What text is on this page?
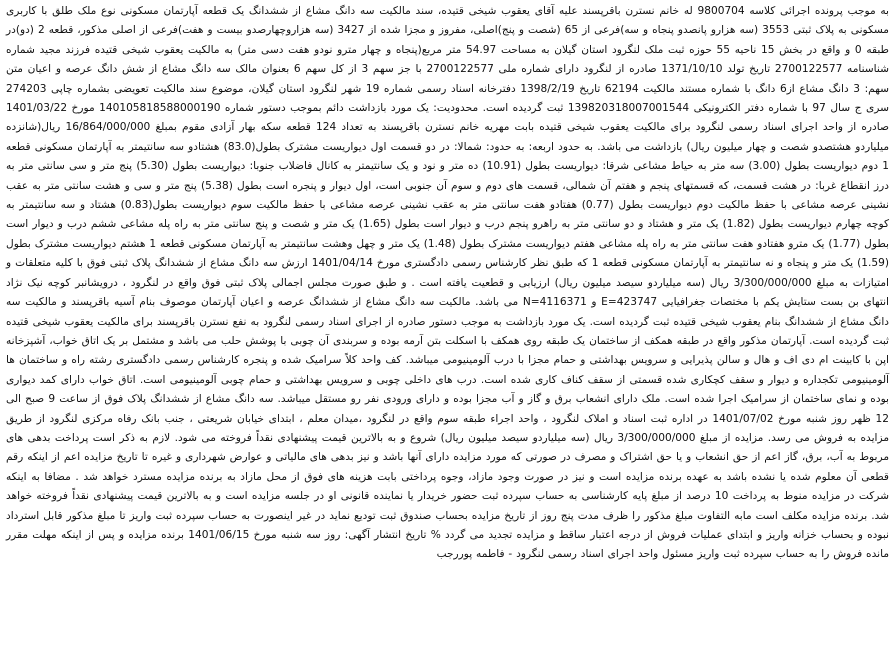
به موجب پرونده اجرائی کلاسه 9800704 له خانم نسترن باقرپسند علیه آقای یعقوب شیخی قتیده، سند مالکیت سه دانگ مشاع از ششدانگ یک قطعه آپارتمان مسکونی نوع ملک طلق با کاربری مسکونی به پلاک ثبتی 3553 (سه هزارو پانصدو پنجاه و سه)فرعی از 65 (شصت و پنج)اصلی، مفروز و مجزا شده از 3427 (سه هزاروچهارصدو بیست و هفت)فرعی از اصلی مذکور، قطعه 2 (دو)در طبقه 0 و واقع در بخش 15 ناحیه 55 حوزه ثبت ملک لنگرود استان گیلان به مساحت 54.97 متر مربع(پنجاه و چهار مترو نودو هفت دسی متر) به مالکیت یعقوب شیخی قتیده فرزند مجید شماره شناسنامه 2700122577 تاریخ تولد 1371/10/10 صادره از لنگرود دارای شماره ملی 2700122577 با جز سهم 3 از کل سهم 6 بعنوان مالک سه دانگ مشاع از شش دانگ عرصه و اعیان متن سهم: 3 دانگ مشاع از6 دانگ با شماره مستند مالکیت 62194 تاریخ 1398/2/19 دفترخانه اسناد رسمی شماره 19 شهر لنگرود استان گیلان، موضوع سند مالکیت تعویضی بشماره چاپی 274203 سری ج سال 97 با شماره دفتر الکترونیکی 139820318007001544 ثبت گردیده است. محدودیت: یک مورد بازداشت دائم بموجب دستور شماره 140105818588000190 مورخ 1401/03/22 صادره از واحد اجرای اسناد رسمی لنگرود برای مالکیت یعقوب شیخی قتیده بابت مهریه خانم نسترن باقرپسند به تعداد 124 قطعه سکه بهار آزادی مقوم بمبلغ 16/864/000/000 ریال(شانزده میلیاردو هشتصدو شصت و چهار میلیون ریال) بازداشت می باشد. به حدود اربعه: به حدود: شمالا: در دو قسمت اول دیواریست مشترک بطول(83.0) هشتادو سه سانتیمتر به آپارتمان مسکونی قطعه 1 دوم دیواریست بطول (3.00) سه متر به حیاط مشاعی شرقا: دیواریست بطول (10.91) ده متر و نود و یک سانتیمتر به کانال فاضلاب جنوبا: دیواریست بطول (5.30) پنج متر و سی سانتی متر به درز انقطاع غربا: در هشت قسمت، که قسمتهای پنجم و هفتم آن شمالی، قسمت های دوم و سوم آن جنوبی است، اول دیوار و پنجره است بطول (5.38) پنج متر و سی و هشت سانتی متر به عقب نشینی عرصه مشاعی با حفظ مالکیت دوم دیواریست بطول (0.77) هفتادو هفت سانتی متر به عقب نشینی عرصه مشاعی با حفظ مالکیت سوم دیواریست بطول(0.83) هشتاد و سه سانتیمتر به کوچه چهارم دیواریست بطول (1.82) یک متر و هشتاد و دو سانتی متر به راهرو پنجم درب و دیوار است بطول (1.65) یک متر و شصت و پنج سانتی متر به راه پله مشاعی ششم درب و دیوار است بطول (1.77) یک مترو هفتادو هفت سانتی متر به راه پله مشاعی هفتم دیواریست مشترک بطول (1.48) یک متر و چهل وهشت سانتیمتر به آپارتمان مسکونی قطعه 1 هشتم دیواریست مشترک بطول (1.59) یک متر و پنجاه و نه سانتیمتر به آپارتمان مسکونی قطعه 1 که طبق نظر کارشناس رسمی دادگستری مورخ 1401/04/14 ارزش سه دانگ مشاع از ششدانگ پلاک ثبتی فوق با کلیه متعلقات و امتیازات به مبلغ 3/300/000/000 ریال (سه میلیاردو سیصد میلیون ریال) ارزیابی و قطعیت یافته است . و طبق صورت مجلس اجمالی پلاک ثبتی فوق واقع در لنگرود ، درویشانبر کوچه نیک نژاد انتهای بن بست ستایش یکم با مختصات جغرافیایی E=423747 و N=4116371 می باشد. مالکیت سه دانگ مشاع از ششدانگ عرصه و اعیان آپارتمان موصوف بنام آسیه باقرپسند و مالکیت سه دانگ مشاع از ششدانگ بنام یعقوب شیخی قتیده ثبت گردیده است. یک مورد بازداشت به موجب دستور صادره از اجرای اسناد رسمی لنگرود به نفع نسترن باقرپسند برای مالکیت یعقوب شیخی قتیده ثبت گردیده است. آپارتمان مذکور واقع در طبقه همکف از ساختمان یک طبقه روی همکف با اسکلت بتن آرمه بوده و سربندی آن چوبی با پوشش حلب می باشد و مشتمل بر یک اتاق خواب، آشپزخانه اپن با کابینت ام دی اف و هال و سالن پذیرایی و سرویس بهداشتی و حمام مجزا با درب آلومینیومی میباشد. کف واحد کلاً سرامیک شده و پنجره کارشناس رسمی دادگستری رشته راه و ساختمان ها آلومینیومی تکجداره و دیوار و سقف کچکاری شده قسمتی از سقف کناف کاری شده است. درب های داخلی چوبی و سرویس بهداشتی و حمام چوبی آلومینیومی است. اتاق خواب دارای کمد دیواری بوده و نمای ساختمان از سرامیک اجرا شده است. ملک دارای انشعاب برق و گاز و آب مجزا بوده و دارای ورودی نفر رو مستقل میباشد. سه دانگ مشاع از ششدانگ پلاک فوق از ساعت 9 صبح الی 12 ظهر روز شنبه مورخ 1401/07/02 در اداره ثبت اسناد و املاک لنگرود ، واحد اجراء طبقه سوم واقع در لنگرود ،میدان معلم ، ابتدای خیابان شریعتی ، جنب بانک رفاه مرکزی لنگرود از طریق مزایده به فروش می رسد. مزایده از مبلغ 3/300/000/000 ریال (سه میلیاردو سیصد میلیون ریال) شروع و به بالاترین قیمت پیشنهادی نقداً فروخته می شود. لازم به ذکر است پرداخت بدهی های مربوط به آب، برق، گاز اعم از حق انشعاب و یا حق اشتراک و مصرف در صورتی که مورد مزایده دارای آنها باشد و نیز بدهی های مالیاتی و عوارض شهرداری و غیره تا تاریخ مزایده اعم از اینکه رقم قطعی آن معلوم شده یا نشده باشد به عهده برنده مزایده است و نیز در صورت وجود مازاد، وجوه پرداختی بابت هزینه های فوق از محل مازاد به برنده مزایده مسترد خواهد شد . مضافا به اینکه شرکت در مزایده منوط به پرداخت 10 درصد از مبلغ پایه کارشناسی به حساب سپرده ثبت حضور خریدار یا نماینده قانونی او در جلسه مزایده است و به بالاترین قیمت پیشنهادی نقداً فروخته خواهد شد. برنده مزایده مکلف است مابه التفاوت مبلغ مذکور را ظرف مدت پنج روز از تاریخ مزایده بحساب صندوق ثبت تودیع نماید در غیر اینصورت به حساب سپرده ثبت واریز تا مبلغ مذکور قابل استرداد نبوده و بحساب خزانه واریز و ابتدای عملیات فروش از درجه اعتبار ساقط و مزایده تجدید می گردد % تاریخ انتشار آگهی: روز سه شنبه مورخ 1401/06/15 برنده مزایده و پس از اینکه مهلت مقرر مانده فروش را به حساب سپرده ثبت واریز مسئول واحد اجرای اسناد رسمی لنگرود - فاطمه پوررجب
